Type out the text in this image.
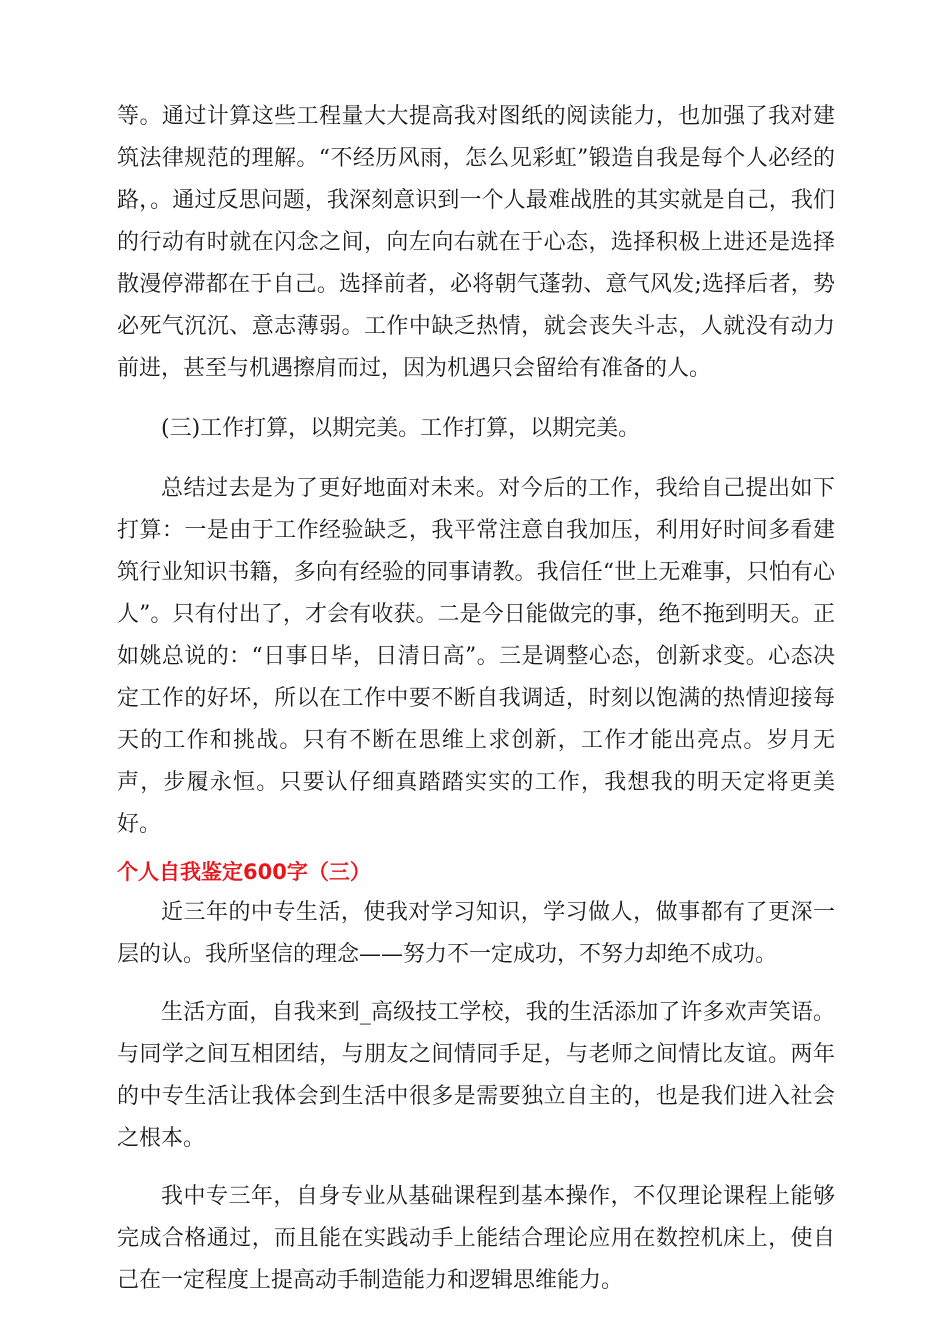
等。通过计算这些工程量大大提高我对图纸的阅读能力，也加强了我对建筑法律规范的理解。“不经历风雨，怎么见彩虹”锻造自我是每个人必经的路，。通过反思问题，我深刻意识到一个人最难战胜的其实就是自己，我们的行动有时就在闪念之间，向左向右就在于心态，选择积极上进还是选择散漫停滞都在于自己。选择前者，必将朝气蓬勃、意气风发;选择后者，势必死气沉沉、意志薄弱。工作中缺乏热情，就会丧失斗志，人就没有动力前进，甚至与机遇擦肩而过，因为机遇只会留给有准备的人。

(三)工作打算，以期完美。工作打算，以期完美。

总结过去是为了更好地面对未来。对今后的工作，我给自己提出如下打算：一是由于工作经验缺乏，我平常注意自我加压，利用好时间多看建筑行业知识书籍，多向有经验的同事请教。我信任“世上无难事，只怕有心人”。只有付出了，才会有收获。二是今日能做完的事，绝不拖到明天。正如姚总说的：“日事日毕，日清日高”。三是调整心态，创新求变。心态决定工作的好坏，所以在工作中要不断自我调适，时刻以饱满的热情迎接每天的工作和挑战。只有不断在思维上求创新，工作才能出亮点。岁月无声，步履永恒。只要认仔细真踏踏实实的工作，我想我的明天定将更美好。

个人自我鉴定600字（三）

近三年的中专生活，使我对学习知识，学习做人，做事都有了更深一层的认。我所坚信的理念——努力不一定成功，不努力却绝不成功。

生活方面，自我来到_高级技工学校，我的生活添加了许多欢声笑语。与同学之间互相团结，与朋友之间情同手足，与老师之间情比友谊。两年的中专生活让我体会到生活中很多是需要独立自主的，也是我们进入社会之根本。

我中专三年，自身专业从基础课程到基本操作，不仅理论课程上能够完成合格通过，而且能在实践动手上能结合理论应用在数控机床上，使自己在一定程度上提高动手制造能力和逻辑思维能力。
